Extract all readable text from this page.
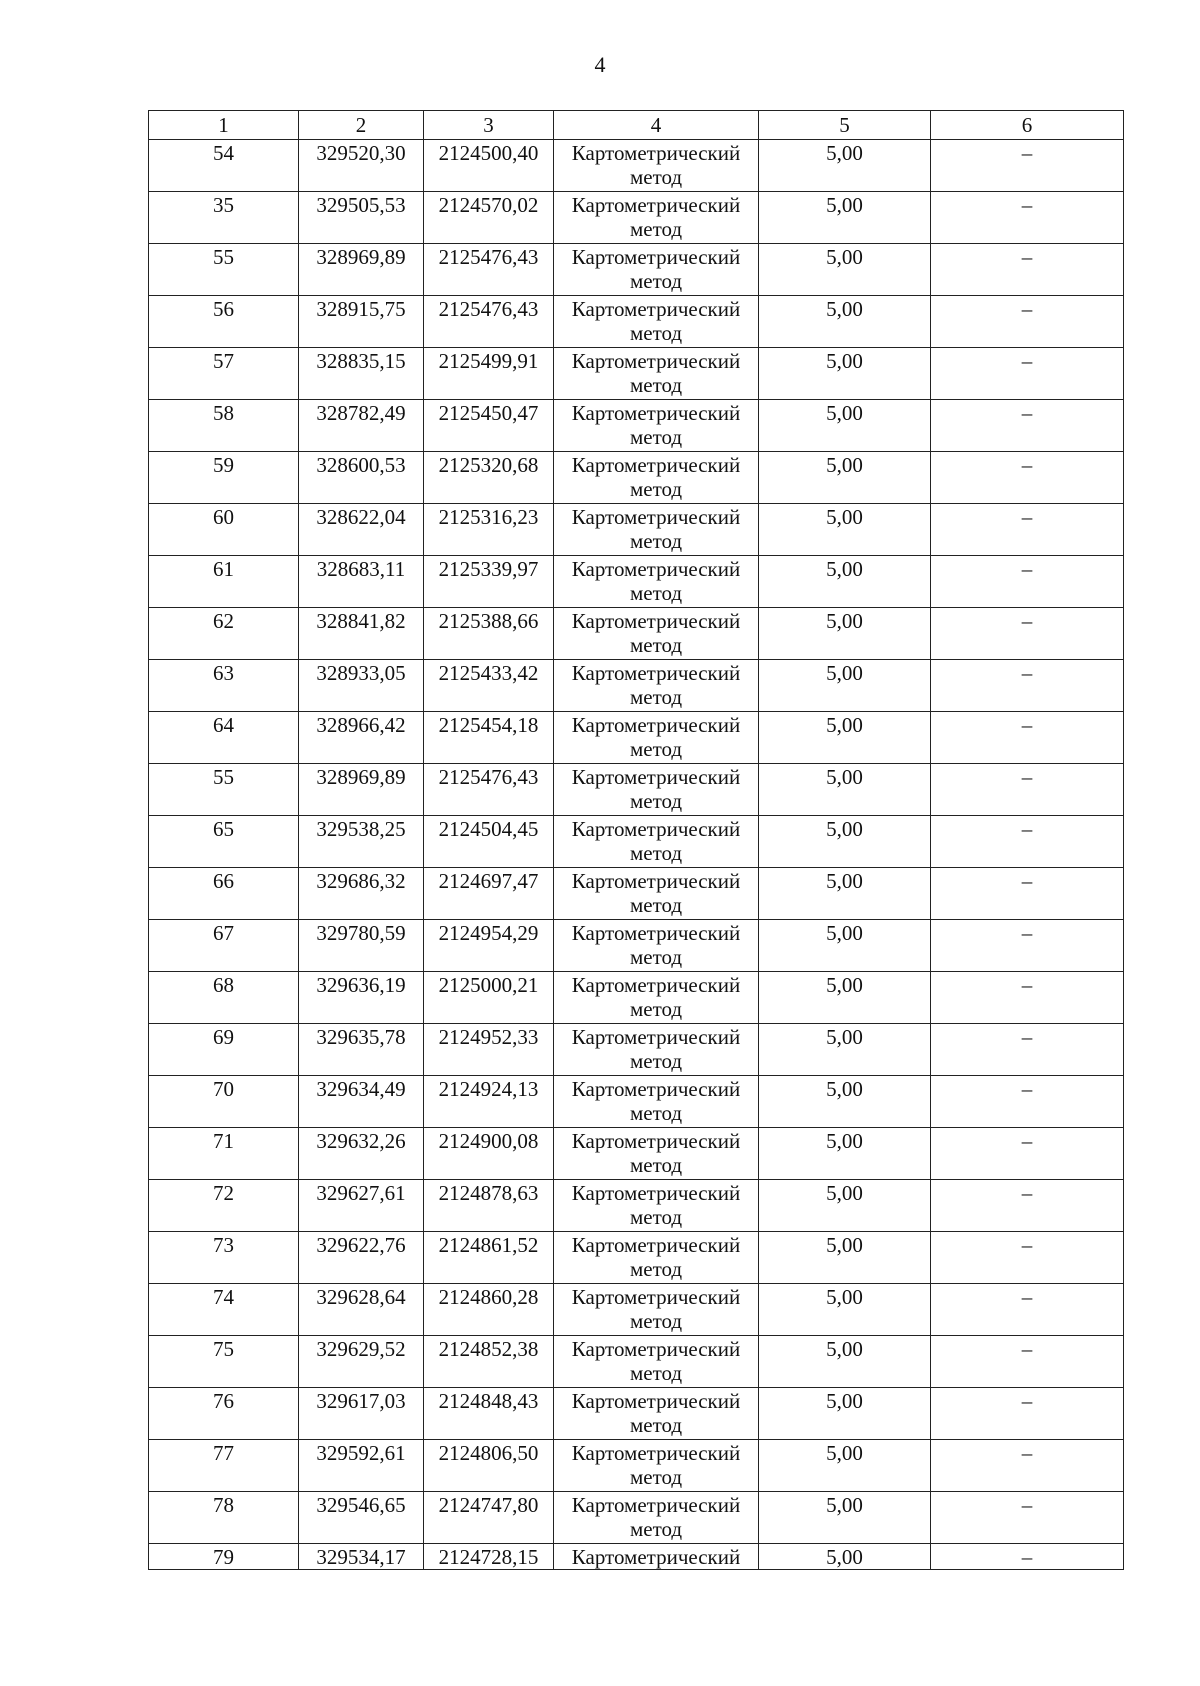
4
1	2	3	4	5	6
54	329520,30	2124500,40	Картометрический метод	5,00	–
35	329505,53	2124570,02	Картометрический метод	5,00	–
55	328969,89	2125476,43	Картометрический метод	5,00	–
56	328915,75	2125476,43	Картометрический метод	5,00	–
57	328835,15	2125499,91	Картометрический метод	5,00	–
58	328782,49	2125450,47	Картометрический метод	5,00	–
59	328600,53	2125320,68	Картометрический метод	5,00	–
60	328622,04	2125316,23	Картометрический метод	5,00	–
61	328683,11	2125339,97	Картометрический метод	5,00	–
62	328841,82	2125388,66	Картометрический метод	5,00	–
63	328933,05	2125433,42	Картометрический метод	5,00	–
64	328966,42	2125454,18	Картометрический метод	5,00	–
55	328969,89	2125476,43	Картометрический метод	5,00	–
65	329538,25	2124504,45	Картометрический метод	5,00	–
66	329686,32	2124697,47	Картометрический метод	5,00	–
67	329780,59	2124954,29	Картометрический метод	5,00	–
68	329636,19	2125000,21	Картометрический метод	5,00	–
69	329635,78	2124952,33	Картометрический метод	5,00	–
70	329634,49	2124924,13	Картометрический метод	5,00	–
71	329632,26	2124900,08	Картометрический метод	5,00	–
72	329627,61	2124878,63	Картометрический метод	5,00	–
73	329622,76	2124861,52	Картометрический метод	5,00	–
74	329628,64	2124860,28	Картометрический метод	5,00	–
75	329629,52	2124852,38	Картометрический метод	5,00	–
76	329617,03	2124848,43	Картометрический метод	5,00	–
77	329592,61	2124806,50	Картометрический метод	5,00	–
78	329546,65	2124747,80	Картометрический метод	5,00	–
79	329534,17	2124728,15	Картометрический	5,00	–
